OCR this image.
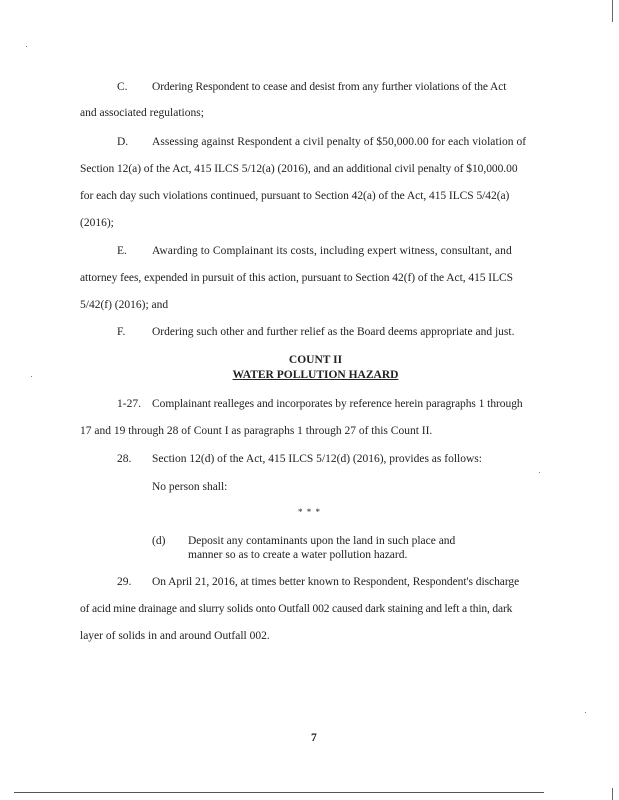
C. Ordering Respondent to cease and desist from any further violations of the Act
and associated regulations;
D. Assessing against Respondent a civil penalty of $50,000.00 for each violation of
Section 12(a) of the Act, 415 ILCS 5/12(a) (2016), and an additional civil penalty of $10,000.00
for each day such violations continued, pursuant to Section 42(a) of the Act, 415 ILCS 5/42(a)
(2016);
E. Awarding to Complainant its costs, including expert witness, consultant, and
attorney fees, expended in pursuit of this action, pursuant to Section 42(f) of the Act, 415 ILCS
5/42(f) (2016); and
F. Ordering such other and further relief as the Board deems appropriate and just.
COUNT II
WATER POLLUTION HAZARD
1-27. Complainant realleges and incorporates by reference herein paragraphs 1 through
17 and 19 through 28 of Count I as paragraphs 1 through 27 of this Count II.
28. Section 12(d) of the Act, 415 ILCS 5/12(d) (2016), provides as follows:
No person shall:
* * *
(d) Deposit any contaminants upon the land in such place and
manner so as to create a water pollution hazard.
29. On April 21, 2016, at times better known to Respondent, Respondent's discharge
of acid mine drainage and slurry solids onto Outfall 002 caused dark staining and left a thin, dark
layer of solids in and around Outfall 002.
7
